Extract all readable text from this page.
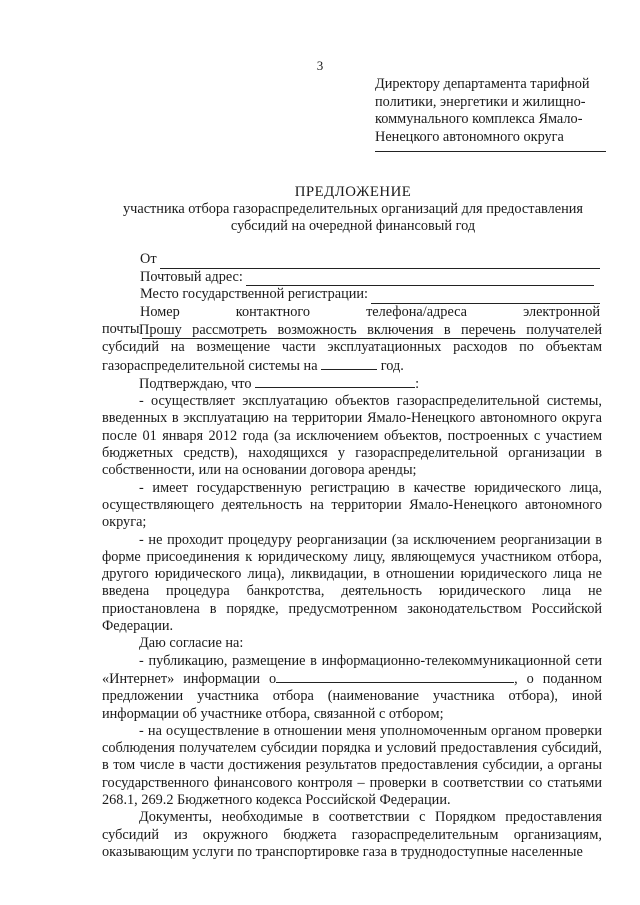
3
Директору департамента тарифной
политики, энергетики и жилищно-
коммунального комплекса Ямало-
Ненецкого автономного округа
ПРЕДЛОЖЕНИЕ
участника отбора газораспределительных организаций для предоставления субсидий на очередной финансовый год
От
Почтовый адрес:
Место государственной регистрации:
Номер	контактного	телефона/адреса	электронной
почты Прошу рассмотреть возможность включения в перечень получателей субсидий на возмещение части эксплуатационных расходов по объектам газораспределительной системы на	год.

Подтверждаю, что	:

- осуществляет эксплуатацию объектов газораспределительной системы, введенных в эксплуатацию на территории Ямало-Ненецкого автономного округа после 01 января 2012 года (за исключением объектов, построенных с участием бюджетных средств), находящихся у газораспределительной организации в собственности, или на основании договора аренды;

- имеет государственную регистрацию в качестве юридического лица, осуществляющего деятельность на территории Ямало-Ненецкого автономного округа;

- не проходит процедуру реорганизации (за исключением реорганизации в форме присоединения к юридическому лицу, являющемуся участником отбора, другого юридического лица), ликвидации, в отношении юридического лица не введена процедура банкротства, деятельность юридического лица не приостановлена в порядке, предусмотренном законодательством Российской Федерации.

Даю согласие на:

- публикацию, размещение в информационно-телекоммуникационной сети «Интернет» информации о	, о поданном предложении участника отбора (наименование участника отбора), иной информации об участнике отбора, связанной с отбором;

- на осуществление в отношении меня уполномоченным органом проверки соблюдения получателем субсидии порядка и условий предоставления субсидий, в том числе в части достижения результатов предоставления субсидии, а органы государственного финансового контроля – проверки в соответствии со статьями 268.1, 269.2 Бюджетного кодекса Российской Федерации.

Документы, необходимые в соответствии с Порядком предоставления субсидий из окружного бюджета газораспределительным организациям, оказывающим услуги по транспортировке газа в труднодоступные населенные
